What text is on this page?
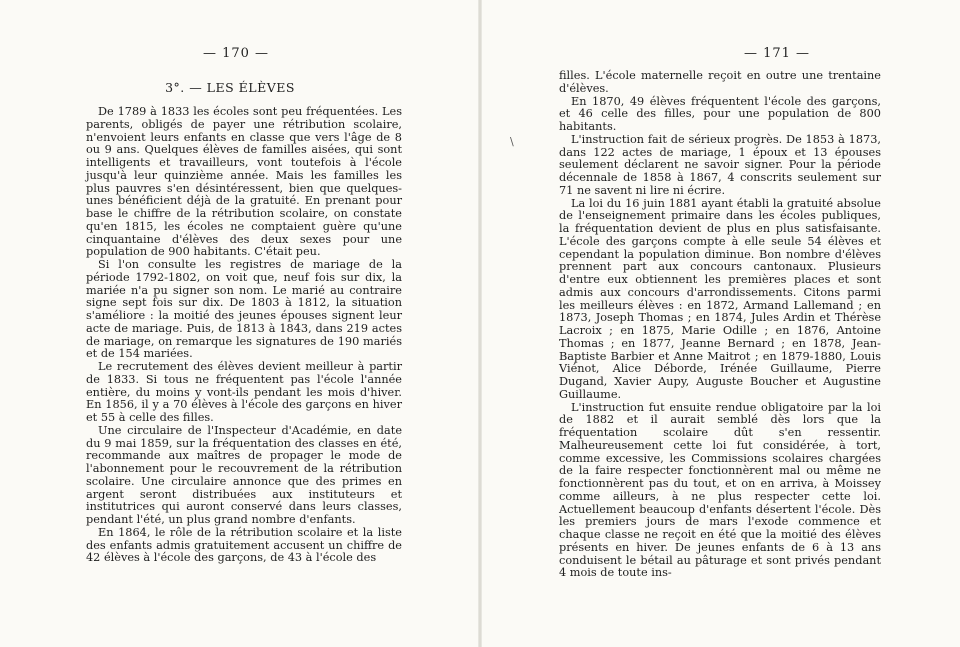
— 170 —
3°. — LES ÉLÈVES

De 1789 à 1833 les écoles sont peu fréquentées. Les parents, obligés de payer une rétribution scolaire, n'envoient leurs enfants en classe que vers l'âge de 8 ou 9 ans. Quelques élèves de familles aisées, qui sont intelligents et travailleurs, vont toutefois à l'école jusqu'à leur quinzième année. Mais les familles les plus pauvres s'en désintéressent, bien que quelques-unes bénéficient déjà de la gratuité. En prenant pour base le chiffre de la rétribution scolaire, on constate qu'en 1815, les écoles ne comptaient guère qu'une cinquantaine d'élèves des deux sexes pour une population de 900 habitants. C'était peu.

Si l'on consulte les registres de mariage de la période 1792-1802, on voit que, neuf fois sur dix, la mariée n'a pu signer son nom. Le marié au contraire signe sept fois sur dix. De 1803 à 1812, la situation s'améliore : la moitié des jeunes épouses signent leur acte de mariage. Puis, de 1813 à 1843, dans 219 actes de mariage, on remarque les signatures de 190 mariés et de 154 mariées.

Le recrutement des élèves devient meilleur à partir de 1833. Si tous ne fréquentent pas l'école l'année entière, du moins y vont-ils pendant les mois d'hiver. En 1856, il y a 70 élèves à l'école des garçons en hiver et 55 à celle des filles.

Une circulaire de l'Inspecteur d'Académie, en date du 9 mai 1859, sur la fréquentation des classes en été, recommande aux maîtres de propager le mode de l'abonnement pour le recouvrement de la rétribution scolaire. Une circulaire annonce que des primes en argent seront distribuées aux instituteurs et institutrices qui auront conservé dans leurs classes, pendant l'été, un plus grand nombre d'enfants.

En 1864, le rôle de la rétribution scolaire et la liste des enfants admis gratuitement accusent un chiffre de 42 élèves à l'école des garçons, de 43 à l'école des

— 171 —
\

filles. L'école maternelle reçoit en outre une trentaine d'élèves.

En 1870, 49 élèves fréquentent l'école des garçons, et 46 celle des filles, pour une population de 800 habitants.

L'instruction fait de sérieux progrès. De 1853 à 1873, dans 122 actes de mariage, 1 époux et 13 épouses seulement déclarent ne savoir signer. Pour la période décennale de 1858 à 1867, 4 conscrits seulement sur 71 ne savent ni lire ni écrire.

La loi du 16 juin 1881 ayant établi la gratuité absolue de l'enseignement primaire dans les écoles publiques, la fréquentation devient de plus en plus satisfaisante. L'école des garçons compte à elle seule 54 élèves et cependant la population diminue. Bon nombre d'élèves prennent part aux concours cantonaux. Plusieurs d'entre eux obtiennent les premières places et sont admis aux concours d'arrondissements. Citons parmi les meilleurs élèves : en 1872, Armand Lallemand ; en 1873, Joseph Thomas ; en 1874, Jules Ardin et Thérèse Lacroix ; en 1875, Marie Odille ; en 1876, Antoine Thomas ; en 1877, Jeanne Bernard ; en 1878, Jean-Baptiste Barbier et Anne Maitrot ; en 1879-1880, Louis Viénot, Alice Déborde, Irénée Guillaume, Pierre Dugand, Xavier Aupy, Auguste Boucher et Augustine Guillaume.

L'instruction fut ensuite rendue obligatoire par la loi de 1882 et il aurait semblé dès lors que la fréquentation scolaire dût s'en ressentir. Malheureusement cette loi fut considérée, à tort, comme excessive, les Commissions scolaires chargées de la faire respecter fonctionnèrent mal ou même ne fonctionnèrent pas du tout, et on en arriva, à Moissey comme ailleurs, à ne plus respecter cette loi. Actuellement beaucoup d'enfants désertent l'école. Dès les premiers jours de mars l'exode commence et chaque classe ne reçoit en été que la moitié des élèves présents en hiver. De jeunes enfants de 6 à 13 ans conduisent le bétail au pâturage et sont privés pendant 4 mois de toute ins-
